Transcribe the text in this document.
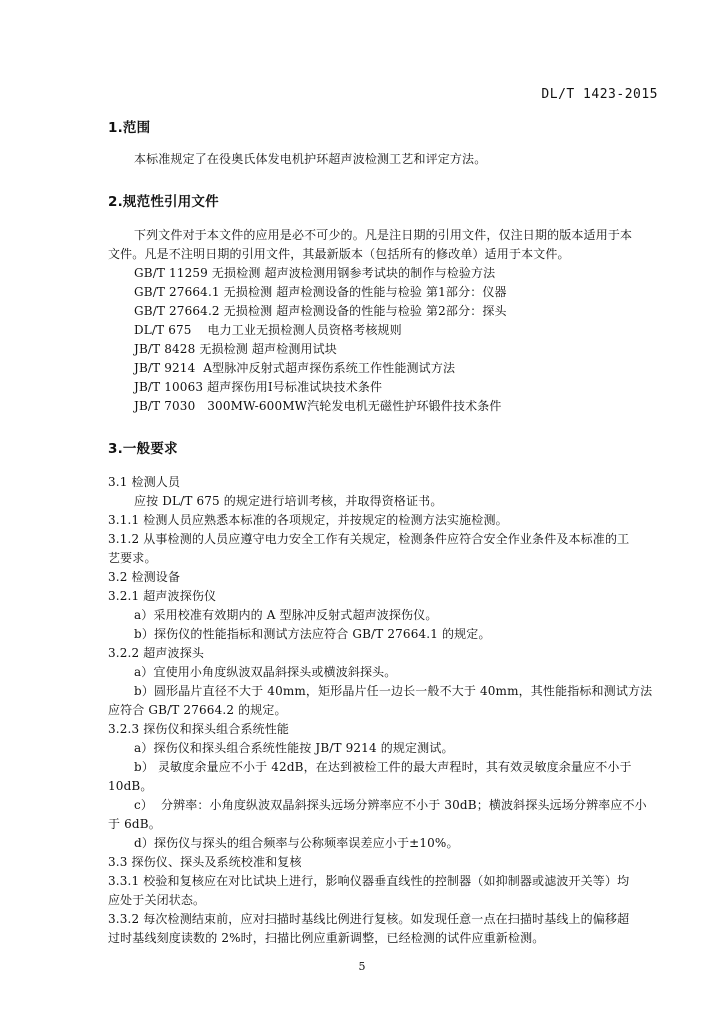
DL/T 1423-2015
1.范围
本标准规定了在役奥氏体发电机护环超声波检测工艺和评定方法。
2.规范性引用文件
下列文件对于本文件的应用是必不可少的。凡是注日期的引用文件，仅注日期的版本适用于本
文件。凡是不注明日期的引用文件，其最新版本（包括所有的修改单）适用于本文件。
GB/T 11259 无损检测 超声波检测用钢参考试块的制作与检验方法
GB/T 27664.1 无损检测 超声检测设备的性能与检验 第1部分：仪器
GB/T 27664.2 无损检测 超声检测设备的性能与检验 第2部分：探头
DL/T 675    电力工业无损检测人员资格考核规则
JB/T 8428 无损检测 超声检测用试块
JB/T 9214  A型脉冲反射式超声探伤系统工作性能测试方法
JB/T 10063 超声探伤用Ⅰ号标准试块技术条件
JB/T 7030   300MW-600MW汽轮发电机无磁性护环锻件技术条件
3.一般要求
3.1 检测人员
应按 DL/T 675 的规定进行培训考核，并取得资格证书。
3.1.1 检测人员应熟悉本标准的各项规定，并按规定的检测方法实施检测。
3.1.2 从事检测的人员应遵守电力安全工作有关规定，检测条件应符合安全作业条件及本标准的工
艺要求。
3.2 检测设备
3.2.1 超声波探伤仪
a）采用校准有效期内的 A 型脉冲反射式超声波探伤仪。
b）探伤仪的性能指标和测试方法应符合 GB/T 27664.1 的规定。
3.2.2 超声波探头
a）宜使用小角度纵波双晶斜探头或横波斜探头。
b）圆形晶片直径不大于 40mm，矩形晶片任一边长一般不大于 40mm，其性能指标和测试方法
应符合 GB/T 27664.2 的规定。
3.2.3 探伤仪和探头组合系统性能
a）探伤仪和探头组合系统性能按 JB/T 9214 的规定测试。
b） 灵敏度余量应不小于 42dB，在达到被检工件的最大声程时，其有效灵敏度余量应不小于
10dB。
c）  分辨率：小角度纵波双晶斜探头远场分辨率应不小于 30dB；横波斜探头远场分辨率应不小
于 6dB。
d）探伤仪与探头的组合频率与公称频率误差应小于±10%。
3.3 探伤仪、探头及系统校准和复核
3.3.1 校验和复核应在对比试块上进行，影响仪器垂直线性的控制器（如抑制器或滤波开关等）均
应处于关闭状态。
3.3.2 每次检测结束前，应对扫描时基线比例进行复核。如发现任意一点在扫描时基线上的偏移超
过时基线刻度读数的 2%时，扫描比例应重新调整，已经检测的试件应重新检测。
5
